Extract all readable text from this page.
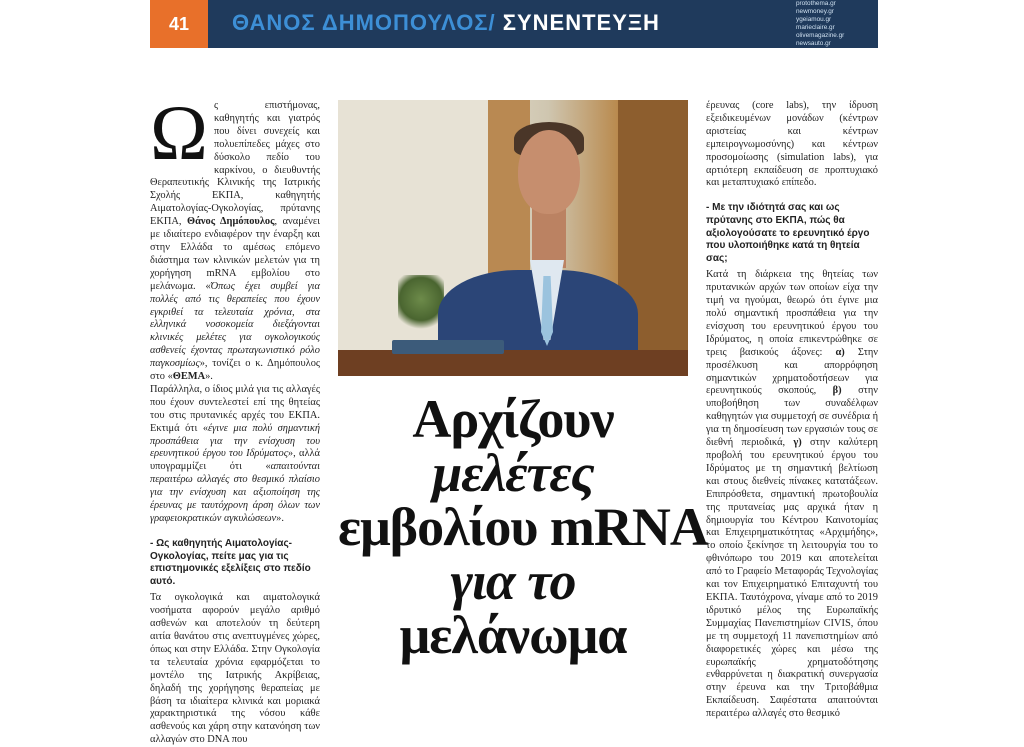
41	ΘΑΝΟΣ ΔΗΜΟΠΟΥΛΟΣ/ ΣΥΝΕΝΤΕΥΞΗ
protothema.gr
newmoney.gr
ygeiamou.gr
marieclaire.gr
olivemagazine.gr
newsauto.gr

Ως επιστήμονας, καθηγητής και γιατρός που δίνει συνεχείς και πολυεπίπεδες μάχες στο δύσκολο πεδίο του καρκίνου, ο διευθυντής Θεραπευτικής Κλινικής της Ιατρικής Σχολής ΕΚΠΑ, καθηγητής Αιματολογίας-Ογκολογίας, πρύτανης ΕΚΠΑ, Θάνος Δημόπουλος, αναμένει με ιδιαίτερο ενδιαφέρον την έναρξη και στην Ελλάδα το αμέσως επόμενο διάστημα των κλινικών μελετών για τη χορήγηση mRNA εμβολίου στο μελάνωμα. «Όπως έχει συμβεί για πολλές από τις θεραπείες που έχουν εγκριθεί τα τελευταία χρόνια, στα ελληνικά νοσοκομεία διεξάγονται κλινικές μελέτες για ογκολογικούς ασθενείς έχοντας πρωταγωνιστικό ρόλο παγκοσμίως», τονίζει ο κ. Δημόπουλος στο «ΘΕΜΑ».

Παράλληλα, ο ίδιος μιλά για τις αλλαγές που έχουν συντελεστεί επί της θητείας του στις πρυτανικές αρχές του ΕΚΠΑ. Εκτιμά ότι «έγινε μια πολύ σημαντική προσπάθεια για την ενίσχυση του ερευνητικού έργου του Ιδρύματος», αλλά υπογραμμίζει ότι «απαιτούνται περαιτέρω αλλαγές στο θεσμικό πλαίσιο για την ενίσχυση και αξιοποίηση της έρευνας με ταυτόχρονη άρση όλων των γραφειοκρατικών αγκυλώσεων».

- Ως καθηγητής Αιματολογίας-Ογκολογίας, πείτε μας για τις επιστημονικές εξελίξεις στο πεδίο αυτό.

Τα ογκολογικά και αιματολογικά νοσήματα αφορούν μεγάλο αριθμό ασθενών και αποτελούν τη δεύτερη αιτία θανάτου στις ανεπτυγμένες χώρες, όπως και στην Ελλάδα. Στην Ογκολογία τα τελευταία χρόνια εφαρμόζεται το μοντέλο της Ιατρικής Ακρίβειας, δηλαδή της χορήγησης θεραπείας με βάση τα ιδιαίτερα κλινικά και μοριακά χαρακτηριστικά της νόσου κάθε ασθενούς και χάρη στην κατανόηση των αλλαγών στο DNA που

Αρχίζουν
μελέτες
εμβολίου mRNA
για το
μελάνωμα

έρευνας (core labs), την ίδρυση εξειδικευμένων μονάδων (κέντρων αριστείας και κέντρων εμπειρογνωμοσύνης) και κέντρων προσομοίωσης (simulation labs), για αρτιότερη εκπαίδευση σε προπτυχιακό και μεταπτυχιακό επίπεδο.

- Με την ιδιότητά σας και ως πρύτανης στο ΕΚΠΑ, πώς θα αξιολογούσατε το ερευνητικό έργο που υλοποιήθηκε κατά τη θητεία σας;

Κατά τη διάρκεια της θητείας των πρυτανικών αρχών των οποίων είχα την τιμή να ηγούμαι, θεωρώ ότι έγινε μια πολύ σημαντική προσπάθεια για την ενίσχυση του ερευνητικού έργου του Ιδρύματος, η οποία επικεντρώθηκε σε τρεις βασικούς άξονες: α) Στην προσέλκυση και απορρόφηση σημαντικών χρηματοδοτήσεων για ερευνητικούς σκοπούς, β) στην υποβοήθηση των συναδέλφων καθηγητών για συμμετοχή σε συνέδρια ή για τη δημοσίευση των εργασιών τους σε διεθνή περιοδικά, γ) στην καλύτερη προβολή του ερευνητικού έργου του Ιδρύματος με τη σημαντική βελτίωση και στους διεθνείς πίνακες κατατάξεων. Επιπρόσθετα, σημαντική πρωτοβουλία της πρυτανείας μας αρχικά ήταν η δημιουργία του Κέντρου Καινοτομίας και Επιχειρηματικότητας «Αρχιμήδης», το οποίο ξεκίνησε τη λειτουργία του το φθινόπωρο του 2019 και αποτελείται από το Γραφείο Μεταφοράς Τεχνολογίας και τον Επιχειρηματικό Επιταχυντή του ΕΚΠΑ. Ταυτόχρονα, γίναμε από το 2019 ιδρυτικό μέλος της Ευρωπαϊκής Συμμαχίας Πανεπιστημίων CIVIS, όπου με τη συμμετοχή 11 πανεπιστημίων από διαφορετικές χώρες και μέσω της ευρωπαϊκής χρηματοδότησης ενθαρρύνεται η διακρατική συνεργασία στην έρευνα και την Τριτοβάθμια Εκπαίδευση. Σαφέστατα απαιτούνται περαιτέρω αλλαγές στο θεσμικό
